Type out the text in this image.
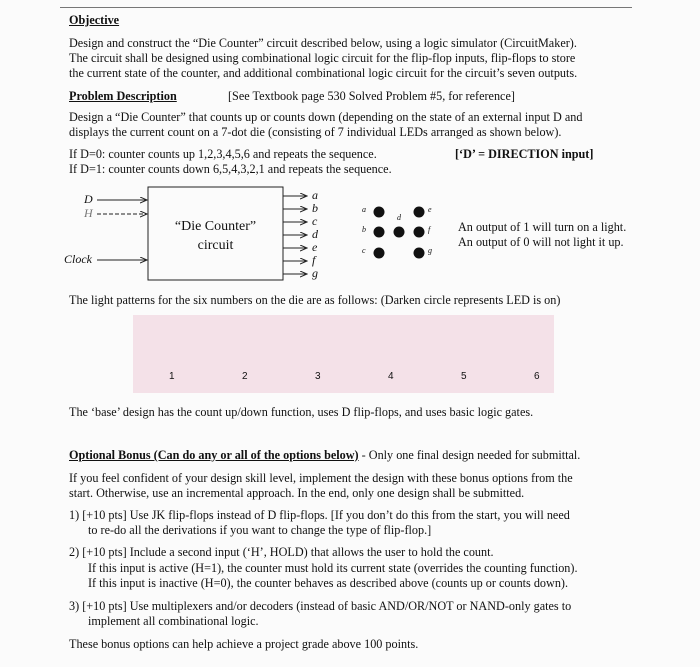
Objective
Design and construct the “Die Counter” circuit described below, using a logic simulator (CircuitMaker).
The circuit shall be designed using combinational logic circuit for the flip-flop inputs, flip-flops to store
the current state of the counter, and additional combinational logic circuit for the circuit’s seven outputs.
Problem Description	[See Textbook page 530 Solved Problem #5, for reference]
Design a “Die Counter” that counts up or counts down (depending on the state of an external input D and
displays the current count on a 7-dot die (consisting of 7 individual LEDs arranged as shown below).
If D=0: counter counts up 1,2,3,4,5,6 and repeats the sequence.	[‘D’ = DIRECTION input]
If D=1: counter counts down 6,5,4,3,2,1 and repeats the sequence.
D
H
Clock
“Die Counter”
circuit
a
b
c
d
e
f
g
a
b
c
d
e
f
g
An output of 1 will turn on a light.
An output of 0 will not light it up.
The light patterns for the six numbers on the die are as follows: (Darken circle represents LED is on)
1	2	3	4	5	6
The ‘base’ design has the count up/down function, uses D flip-flops, and uses basic logic gates.
Optional Bonus (Can do any or all of the options below) - Only one final design needed for submittal.
If you feel confident of your design skill level, implement the design with these bonus options from the
start. Otherwise, use an incremental approach. In the end, only one design shall be submitted.
1) [+10 pts] Use JK flip-flops instead of D flip-flops. [If you don’t do this from the start, you will need
to re-do all the derivations if you want to change the type of flip-flop.]
2) [+10 pts] Include a second input (‘H’, HOLD) that allows the user to hold the count.
If this input is active (H=1), the counter must hold its current state (overrides the counting function).
If this input is inactive (H=0), the counter behaves as described above (counts up or counts down).
3) [+10 pts] Use multiplexers and/or decoders (instead of basic AND/OR/NOT or NAND-only gates to
implement all combinational logic.
These bonus options can help achieve a project grade above 100 points.
